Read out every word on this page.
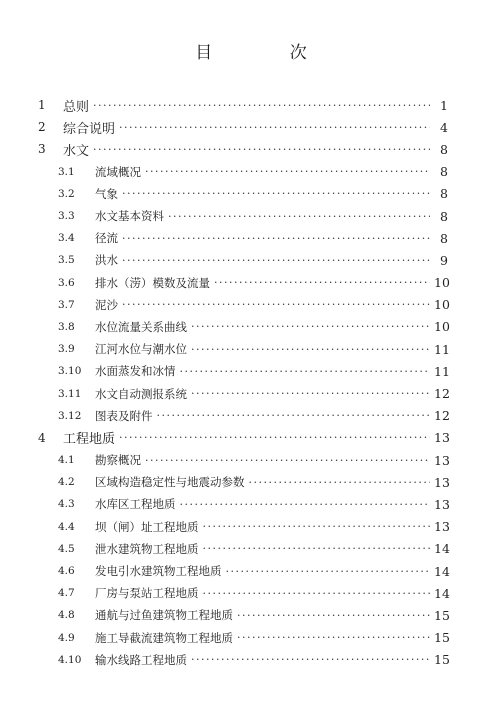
目 次
1	总则 ·····	1
2	综合说明 ·····	4
3	水文 ·····	8
3.1	流域概况 ·····	8
3.2	气象 ·····	8
3.3	水文基本资料 ·····	8
3.4	径流 ·····	8
3.5	洪水 ·····	9
3.6	排水（涝）模数及流量 ·····	10
3.7	泥沙 ·····	10
3.8	水位流量关系曲线 ·····	10
3.9	江河水位与潮水位 ·····	11
3.10	水面蒸发和冰情 ·····	11
3.11	水文自动测报系统 ·····	12
3.12	图表及附件 ·····	12
4	工程地质 ·····	13
4.1	勘察概况 ·····	13
4.2	区域构造稳定性与地震动参数 ·····	13
4.3	水库区工程地质 ·····	13
4.4	坝（闸）址工程地质 ·····	13
4.5	泄水建筑物工程地质 ·····	14
4.6	发电引水建筑物工程地质 ·····	14
4.7	厂房与泵站工程地质 ·····	14
4.8	通航与过鱼建筑物工程地质 ·····	15
4.9	施工导截流建筑物工程地质 ·····	15
4.10	输水线路工程地质 ·····	15
